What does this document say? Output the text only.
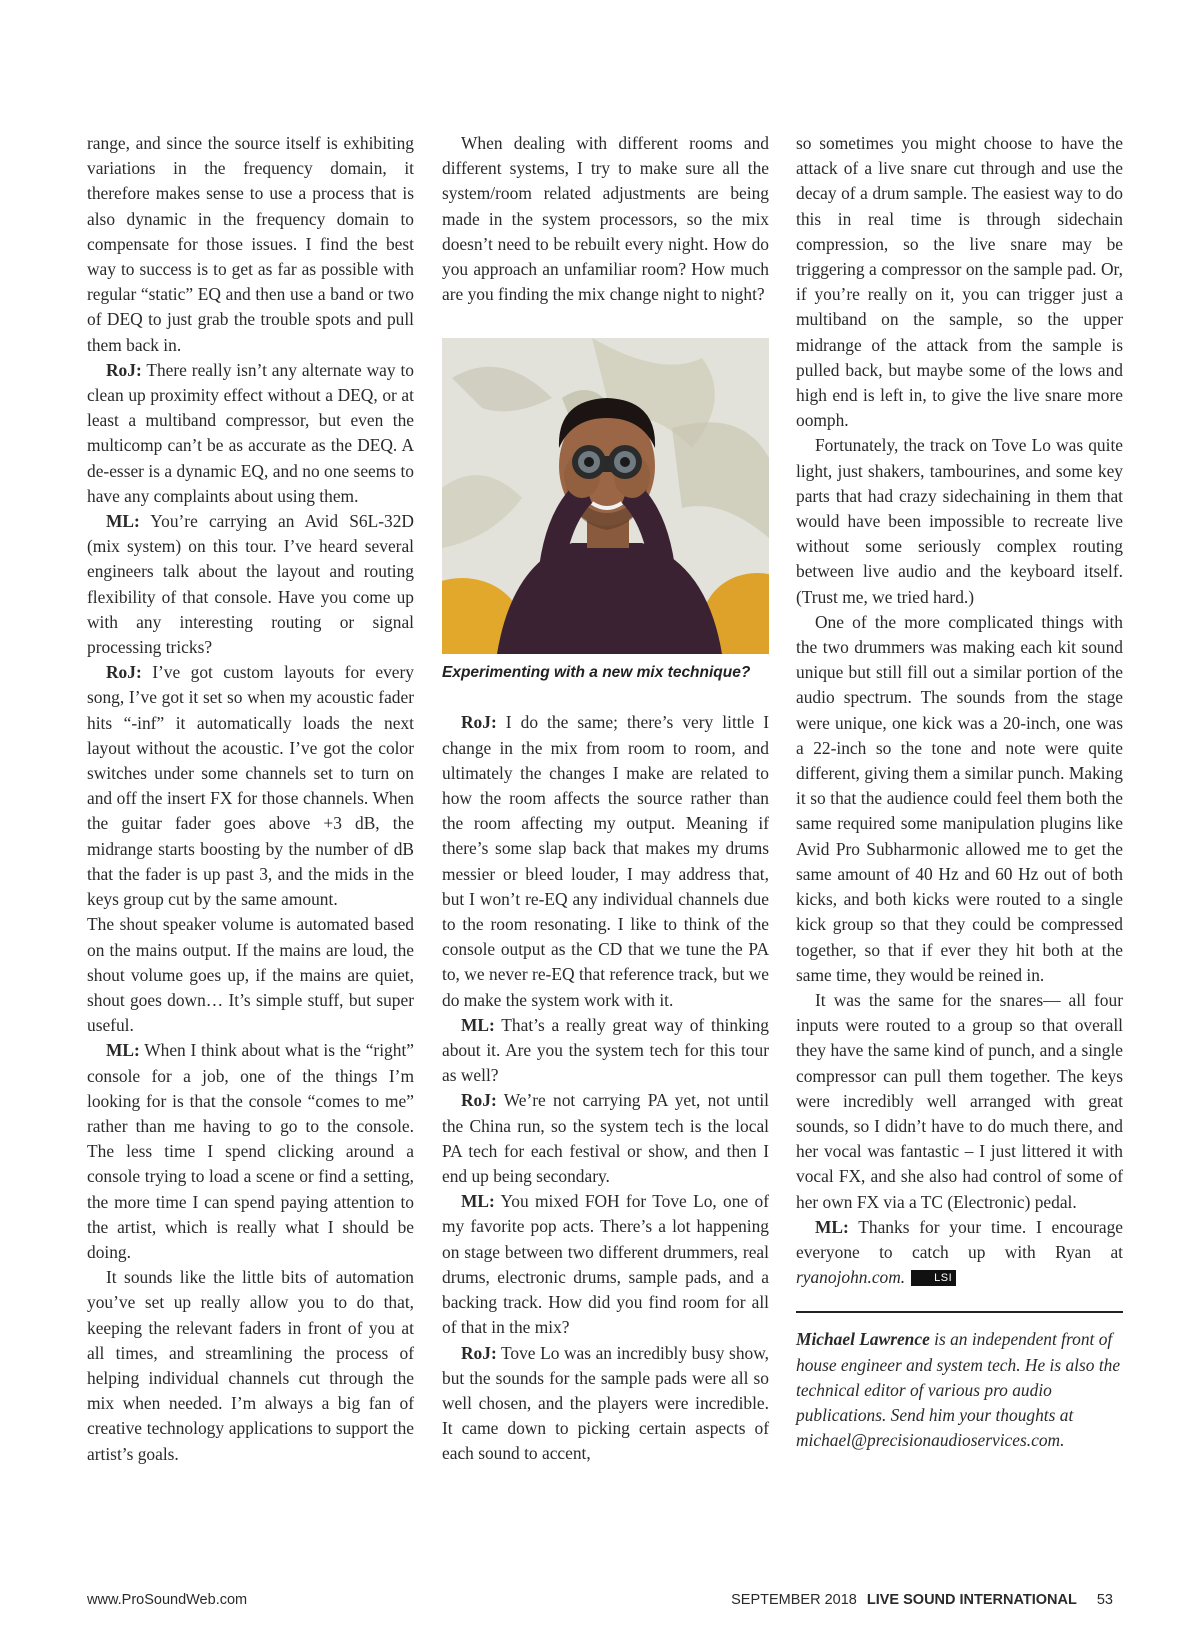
range, and since the source itself is exhibiting variations in the frequency domain, it therefore makes sense to use a process that is also dynamic in the frequency domain to compensate for those issues. I find the best way to success is to get as far as possible with regular “static” EQ and then use a band or two of DEQ to just grab the trouble spots and pull them back in.

RoJ: There really isn’t any alternate way to clean up proximity effect without a DEQ, or at least a multiband compressor, but even the multicomp can’t be as accurate as the DEQ. A de-esser is a dynamic EQ, and no one seems to have any complaints about using them.

ML: You’re carrying an Avid S6L-32D (mix system) on this tour. I’ve heard several engineers talk about the layout and routing flexibility of that console. Have you come up with any interesting routing or signal processing tricks?

RoJ: I’ve got custom layouts for every song, I’ve got it set so when my acoustic fader hits “-inf” it automatically loads the next layout without the acoustic. I’ve got the color switches under some channels set to turn on and off the insert FX for those channels. When the guitar fader goes above +3 dB, the midrange starts boosting by the number of dB that the fader is up past 3, and the mids in the keys group cut by the same amount.

The shout speaker volume is automated based on the mains output. If the mains are loud, the shout volume goes up, if the mains are quiet, shout goes down… It’s simple stuff, but super useful.

ML: When I think about what is the “right” console for a job, one of the things I’m looking for is that the console “comes to me” rather than me having to go to the console. The less time I spend clicking around a console trying to load a scene or find a setting, the more time I can spend paying attention to the artist, which is really what I should be doing.

It sounds like the little bits of automation you’ve set up really allow you to do that, keeping the relevant faders in front of you at all times, and streamlining the process of helping individual channels cut through the mix when needed. I’m always a big fan of creative technology applications to support the artist’s goals.

When dealing with different rooms and different systems, I try to make sure all the system/room related adjustments are being made in the system processors, so the mix doesn’t need to be rebuilt every night. How do you approach an unfamiliar room? How much are you finding the mix change night to night?

Experimenting with a new mix technique?

RoJ: I do the same; there’s very little I change in the mix from room to room, and ultimately the changes I make are related to how the room affects the source rather than the room affecting my output. Meaning if there’s some slap back that makes my drums messier or bleed louder, I may address that, but I won’t re-EQ any individual channels due to the room resonating. I like to think of the console output as the CD that we tune the PA to, we never re-EQ that reference track, but we do make the system work with it.

ML: That’s a really great way of thinking about it. Are you the system tech for this tour as well?

RoJ: We’re not carrying PA yet, not until the China run, so the system tech is the local PA tech for each festival or show, and then I end up being secondary.

ML: You mixed FOH for Tove Lo, one of my favorite pop acts. There’s a lot happening on stage between two different drummers, real drums, electronic drums, sample pads, and a backing track. How did you find room for all of that in the mix?

RoJ: Tove Lo was an incredibly busy show, but the sounds for the sample pads were all so well chosen, and the players were incredible. It came down to picking certain aspects of each sound to accent,

so sometimes you might choose to have the attack of a live snare cut through and use the decay of a drum sample. The easiest way to do this in real time is through sidechain compression, so the live snare may be triggering a compressor on the sample pad. Or, if you’re really on it, you can trigger just a multiband on the sample, so the upper midrange of the attack from the sample is pulled back, but maybe some of the lows and high end is left in, to give the live snare more oomph.

Fortunately, the track on Tove Lo was quite light, just shakers, tambourines, and some key parts that had crazy sidechaining in them that would have been impossible to recreate live without some seriously complex routing between live audio and the keyboard itself. (Trust me, we tried hard.)

One of the more complicated things with the two drummers was making each kit sound unique but still fill out a similar portion of the audio spectrum. The sounds from the stage were unique, one kick was a 20-inch, one was a 22-inch so the tone and note were quite different, giving them a similar punch. Making it so that the audience could feel them both the same required some manipulation plugins like Avid Pro Subharmonic allowed me to get the same amount of 40 Hz and 60 Hz out of both kicks, and both kicks were routed to a single kick group so that they could be compressed together, so that if ever they hit both at the same time, they would be reined in.

It was the same for the snares— all four inputs were routed to a group so that overall they have the same kind of punch, and a single compressor can pull them together. The keys were incredibly well arranged with great sounds, so I didn’t have to do much there, and her vocal was fantastic – I just littered it with vocal FX, and she also had control of some of her own FX via a TC (Electronic) pedal.

ML: Thanks for your time. I encourage everyone to catch up with Ryan at ryanojohn.com.	LSI

Michael Lawrence is an independent front of house engineer and system tech. He is also the technical editor of various pro audio publications. Send him your thoughts at michael@precisionaudioservices.com.

www.ProSoundWeb.com	SEPTEMBER 2018 LIVE SOUND INTERNATIONAL 53
